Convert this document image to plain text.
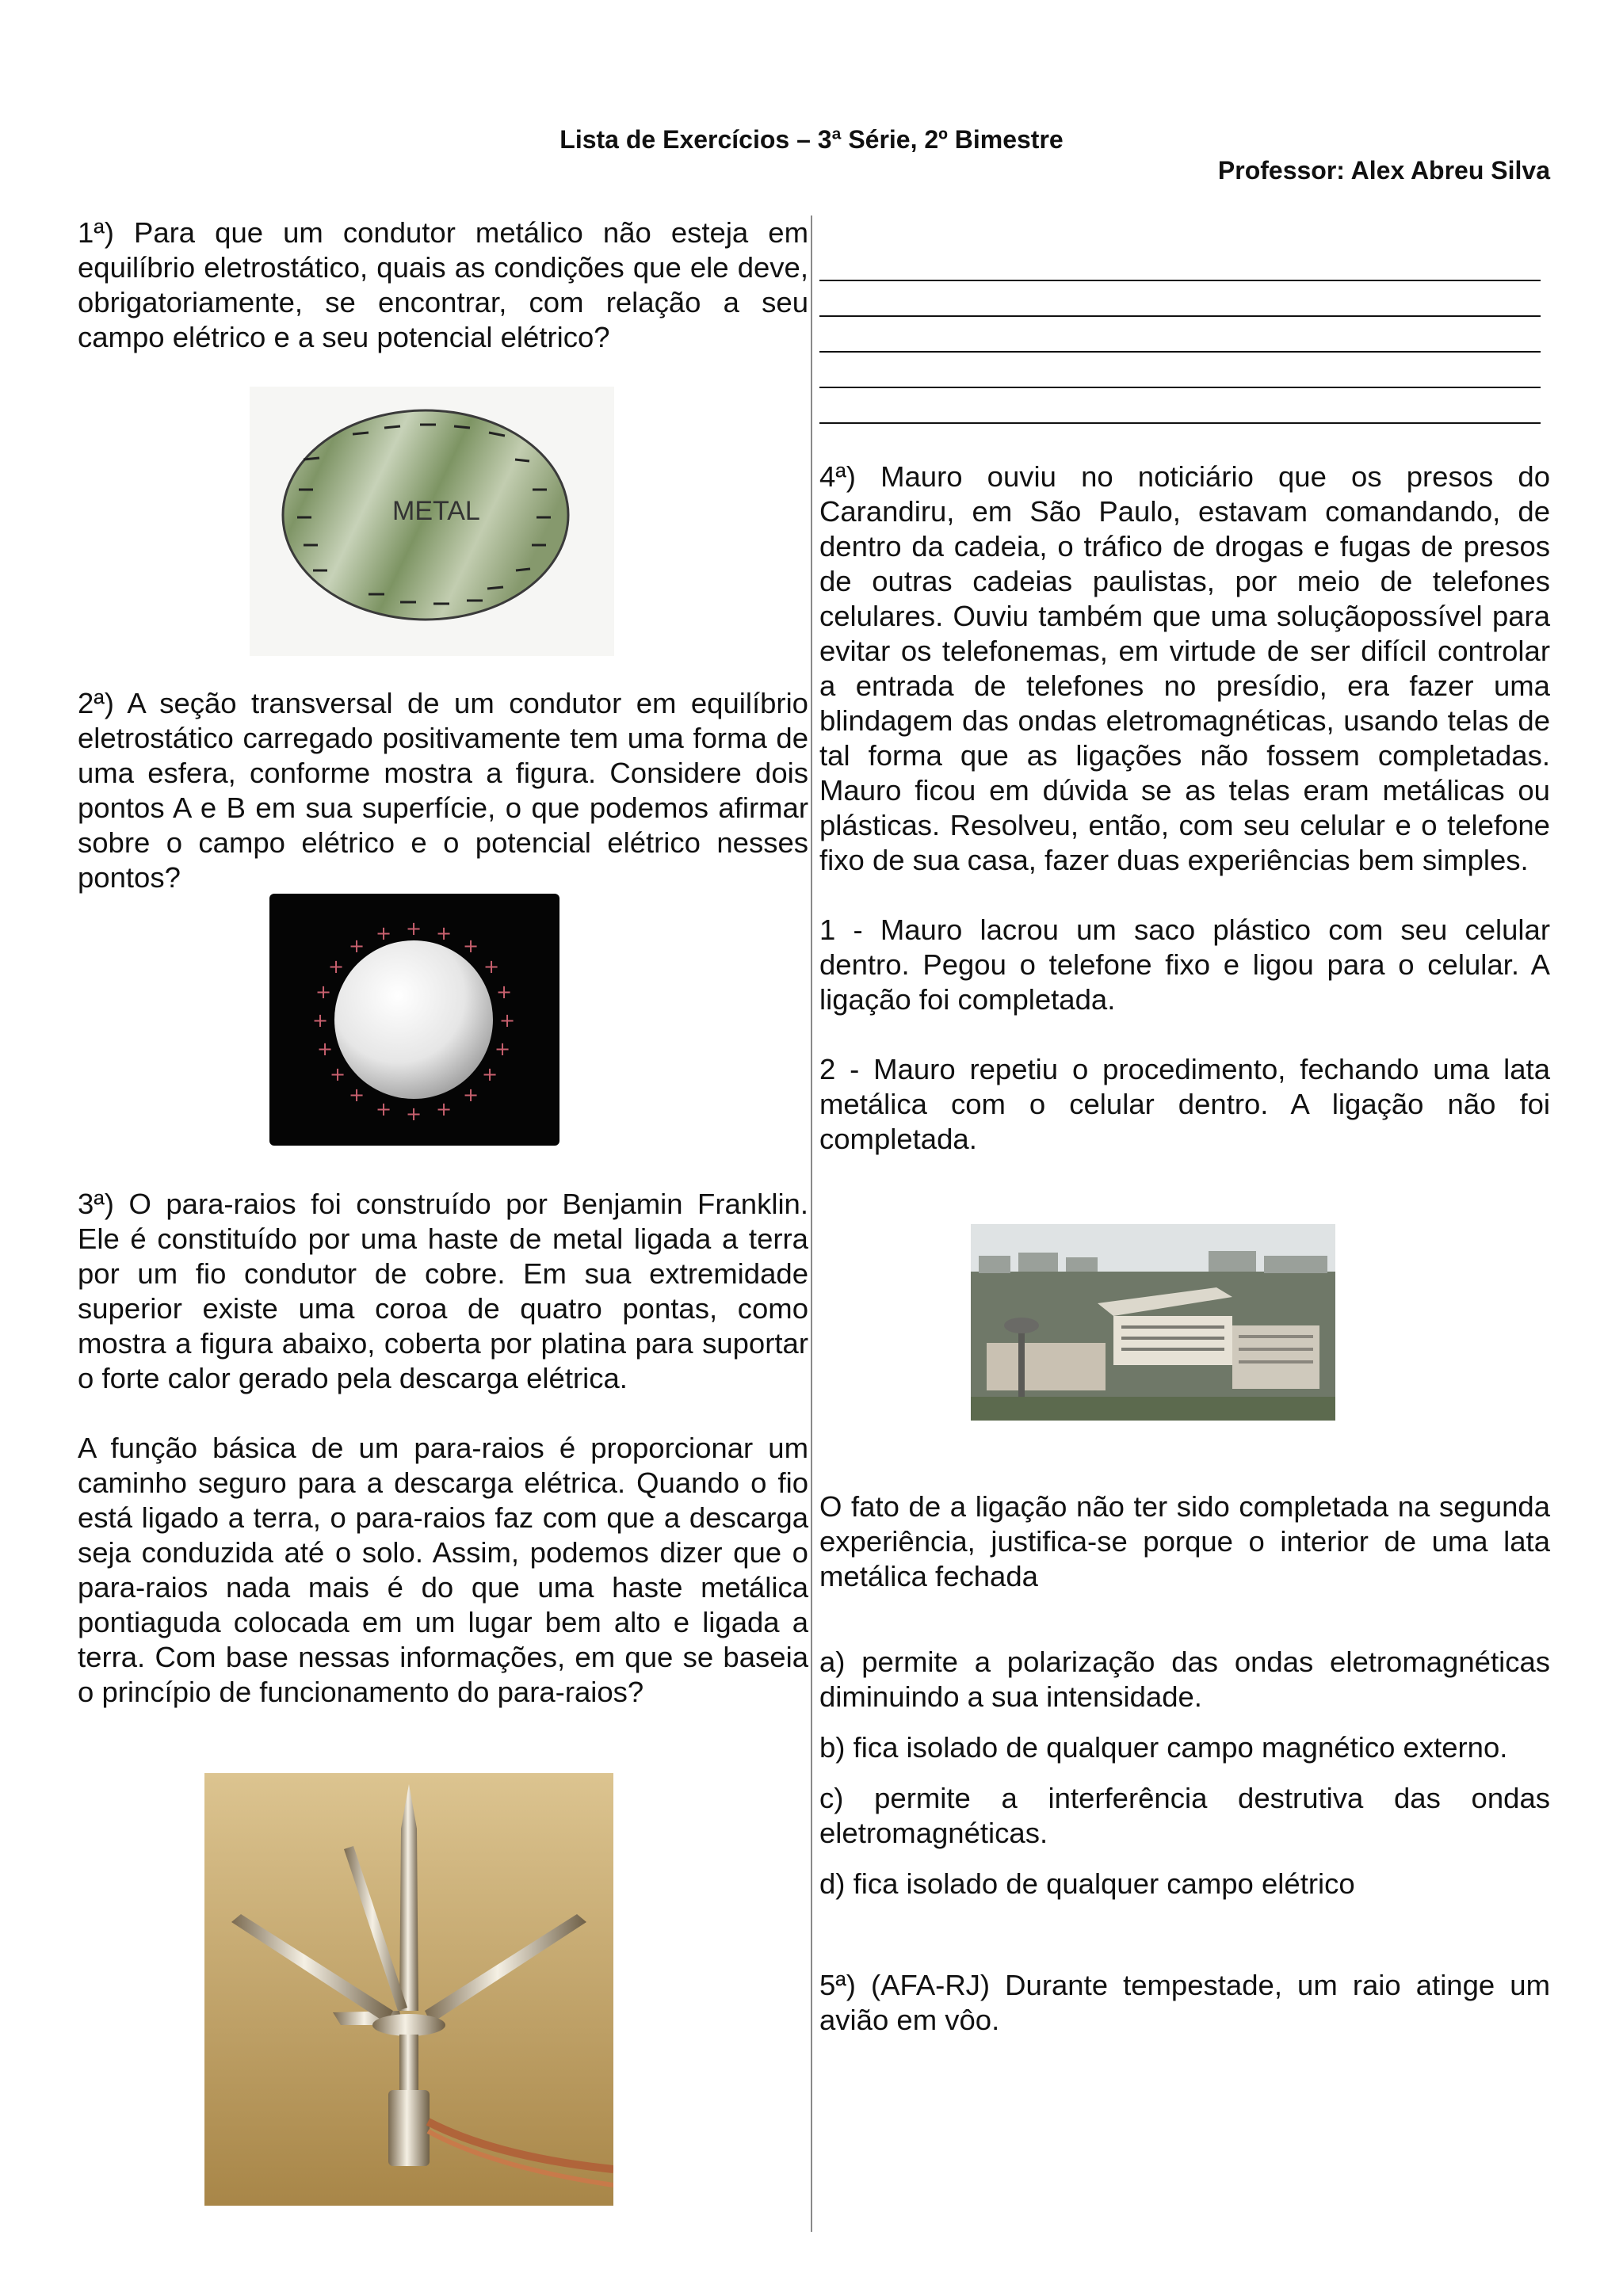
Lista de Exercícios – 3ª Série, 2º Bimestre
Professor: Alex Abreu Silva

1ª) Para que um condutor metálico não esteja em equilíbrio eletrostático, quais as condições que ele deve, obrigatoriamente, se encontrar, com relação a seu campo elétrico e a seu potencial elétrico?

METAL

2ª) A seção transversal de um condutor em equilíbrio eletrostático carregado positivamente tem uma forma de uma esfera, conforme mostra a figura. Considere dois pontos A e B em sua superfície, o que podemos afirmar sobre o campo elétrico e o potencial elétrico nesses pontos?

+ +
+
+
+
+
+
+
+
+
+
+
+
+
+
+
+
+
+
+

3ª) O para-raios foi construído por Benjamin Franklin. Ele é constituído por uma haste de metal ligada a terra por um fio condutor de cobre. Em sua extremidade superior existe uma coroa de quatro pontas, como mostra a figura abaixo, coberta por platina para suportar o forte calor gerado pela descarga elétrica.

A função básica de um para-raios é proporcionar um caminho seguro para a descarga elétrica. Quando o fio está ligado a terra, o para-raios faz com que a descarga seja conduzida até o solo. Assim, podemos dizer que o para-raios nada mais é do que uma haste metálica pontiaguda colocada em um lugar bem alto e ligada a terra. Com base nessas informações, em que se baseia o princípio de funcionamento do para-raios?

4ª) Mauro ouviu no noticiário que os presos do Carandiru, em São Paulo, estavam comandando, de dentro da cadeia, o tráfico de drogas e fugas de presos de outras cadeias paulistas, por meio de telefones celulares. Ouviu também que uma soluçãopossível para evitar os telefonemas, em virtude de ser difícil controlar a entrada de telefones no presídio, era fazer uma blindagem das ondas eletromagnéticas, usando telas de tal forma que as ligações não fossem completadas. Mauro ficou em dúvida se as telas eram metálicas ou plásticas. Resolveu, então, com seu celular e o telefone fixo de sua casa, fazer duas experiências bem simples.

1 - Mauro lacrou um saco plástico com seu celular dentro. Pegou o telefone fixo e ligou para o celular. A ligação foi completada.

2 - Mauro repetiu o procedimento, fechando uma lata metálica com o celular dentro. A ligação não foi completada.

O fato de a ligação não ter sido completada na segunda experiência, justifica-se porque o interior de uma lata metálica fechada

a) permite a polarização das ondas eletromagnéticas diminuindo a sua intensidade.

b) fica isolado de qualquer campo magnético externo.

c) permite a interferência destrutiva das ondas eletromagnéticas.

d) fica isolado de qualquer campo elétrico

5ª) (AFA-RJ) Durante tempestade, um raio atinge um avião em vôo.
